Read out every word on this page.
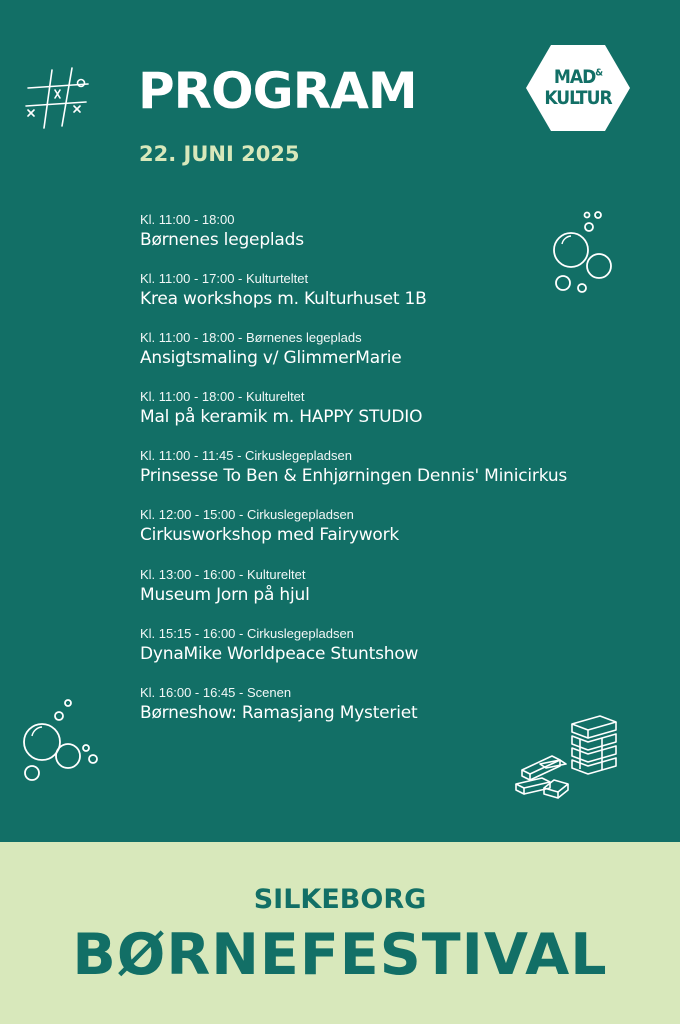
PROGRAM
22. JUNI 2025
MAD&
KULTUR
Kl. 11:00 - 18:00
Børnenes legeplads
Kl. 11:00 - 17:00 - Kulturteltet
Krea workshops m. Kulturhuset 1B
Kl. 11:00 - 18:00 - Børnenes legeplads
Ansigtsmaling v/ GlimmerMarie
Kl. 11:00 - 18:00 - Kultureltet
Mal på keramik m. HAPPY STUDIO
Kl. 11:00 - 11:45 - Cirkuslegepladsen
Prinsesse To Ben & Enhjørningen Dennis' Minicirkus
Kl. 12:00 - 15:00 - Cirkuslegepladsen
Cirkusworkshop med Fairywork
Kl. 13:00 - 16:00 - Kultureltet
Museum Jorn på hjul
Kl. 15:15 - 16:00 - Cirkuslegepladsen
DynaMike Worldpeace Stuntshow
Kl. 16:00 - 16:45 - Scenen
Børneshow: Ramasjang Mysteriet
SILKEBORG
BØRNEFESTIVAL
